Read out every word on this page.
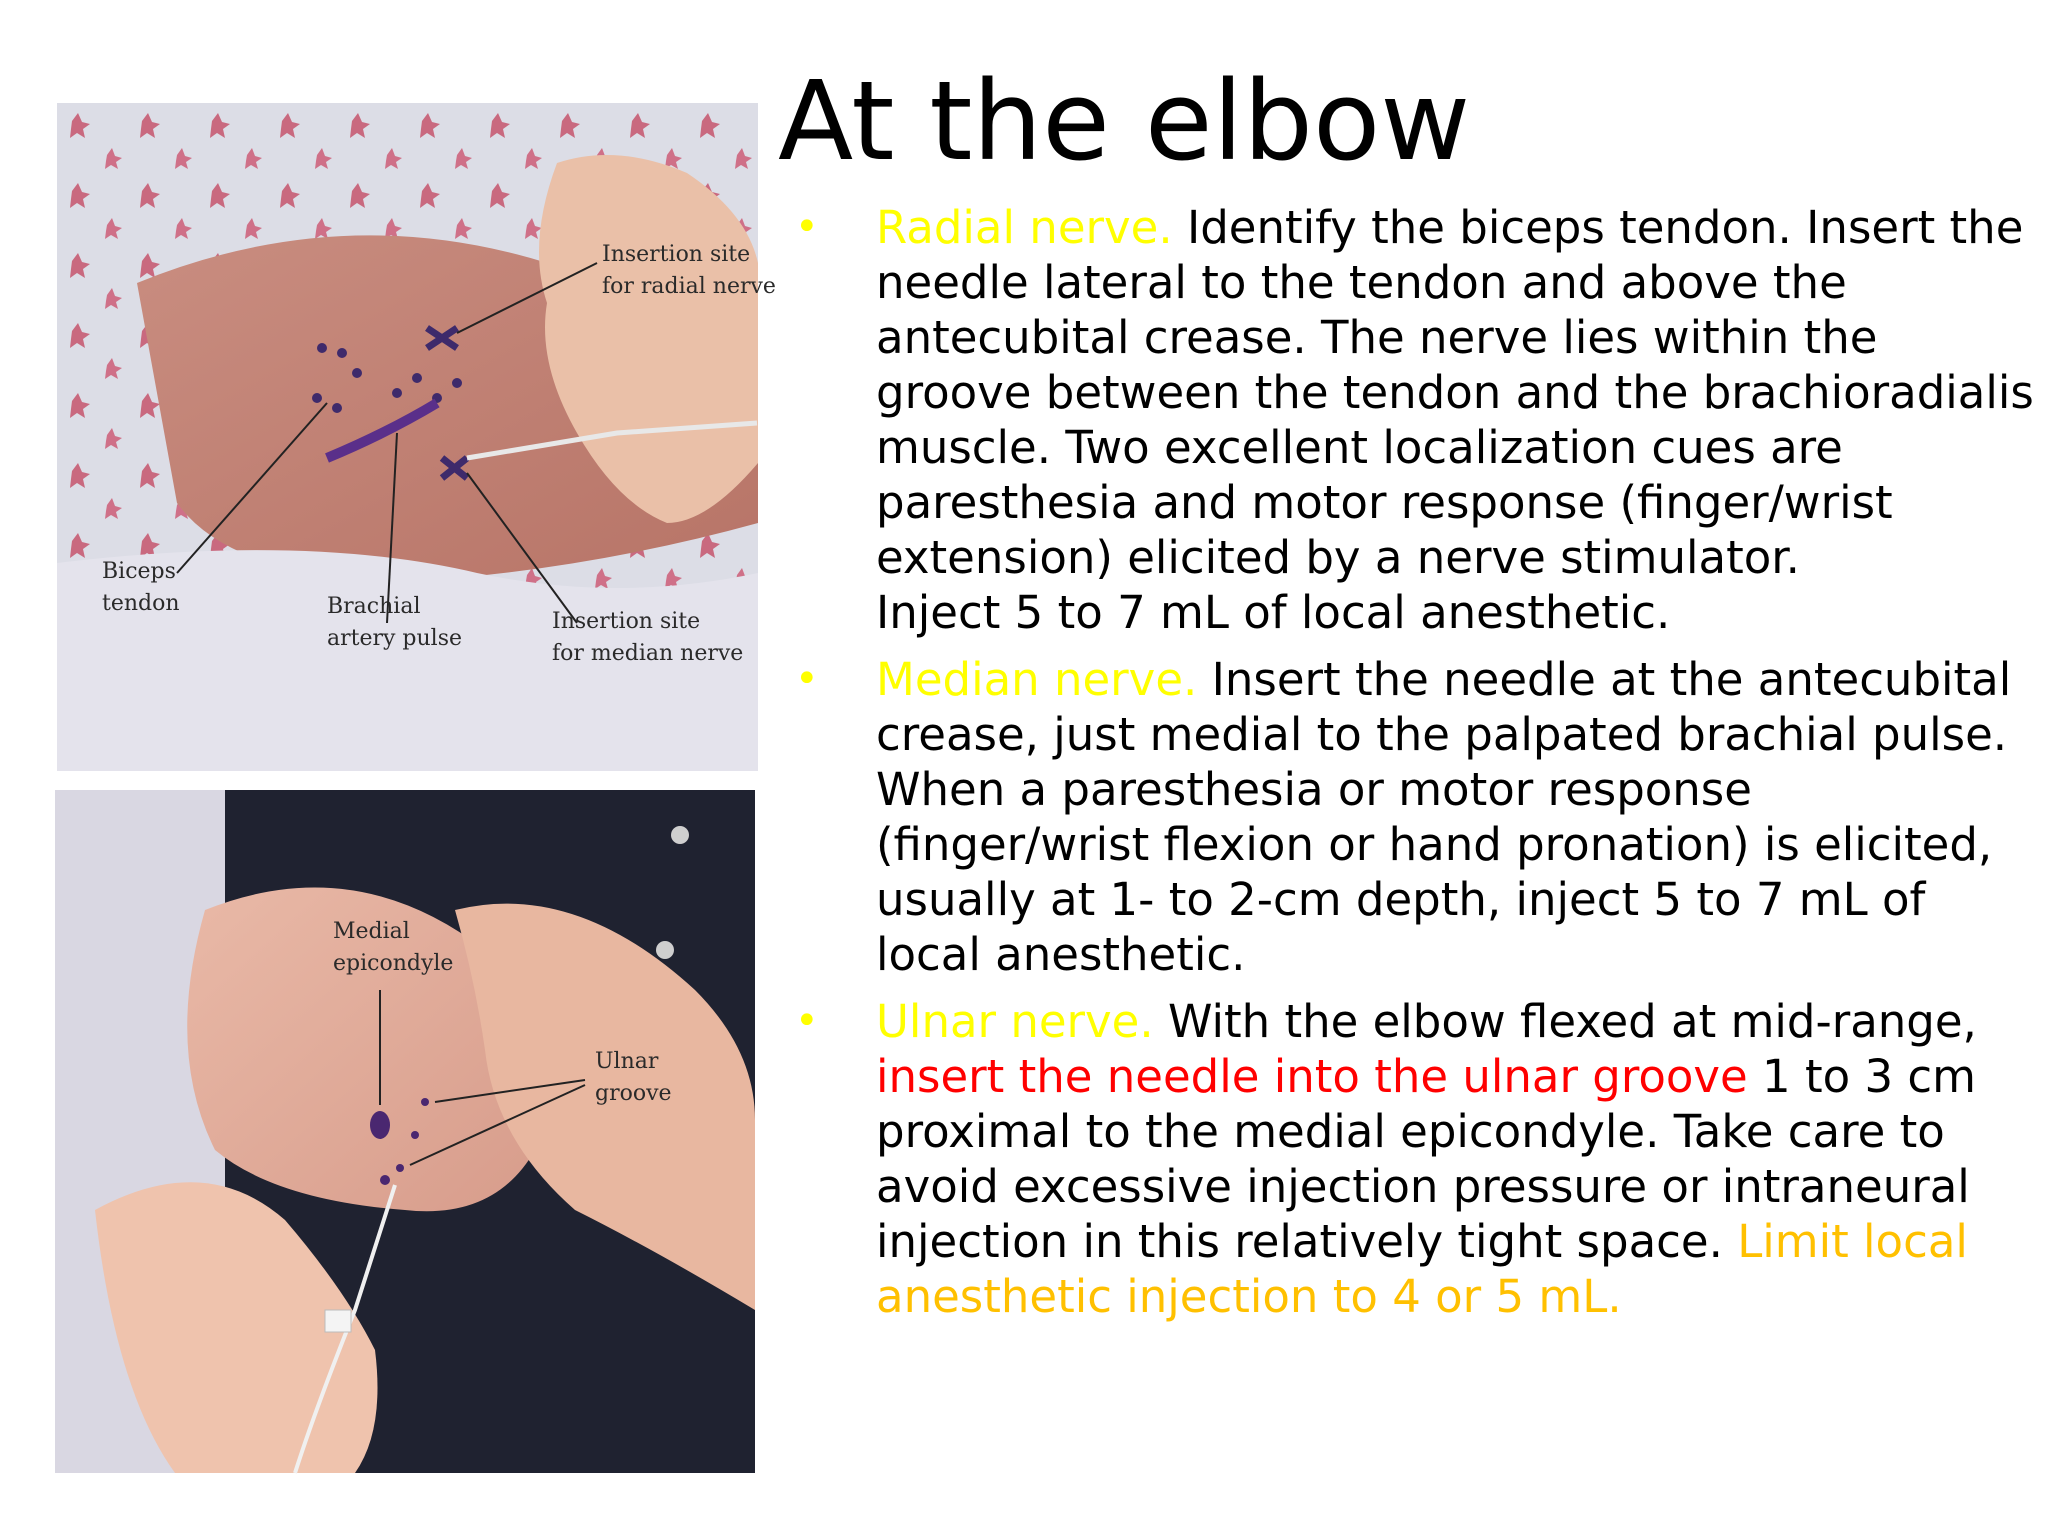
Insertion site
for radial nerve
Biceps
tendon	Brachial
artery pulse
Insertion site
for median nerve
Medial
epicondyle
Ulnar
groove
At the elbow
• Radial nerve. Identify the biceps tendon. Insert the needle lateral to the tendon and above the antecubital crease. The nerve lies within the groove between the tendon and the brachioradialis muscle. Two excellent localization cues are paresthesia and motor response (finger/wrist extension) elicited by a nerve stimulator.
Inject 5 to 7 mL of local anesthetic.
• Median nerve. Insert the needle at the antecubital crease, just medial to the palpated brachial pulse. When a paresthesia or motor response (finger/wrist flexion or hand pronation) is elicited, usually at 1- to 2-cm depth, inject 5 to 7 mL of local anesthetic.
• Ulnar nerve. With the elbow flexed at mid-range, insert the needle into the ulnar groove 1 to 3 cm proximal to the medial epicondyle. Take care to avoid excessive injection pressure or intraneural injection in this relatively tight space. Limit local anesthetic injection to 4 or 5 mL.
